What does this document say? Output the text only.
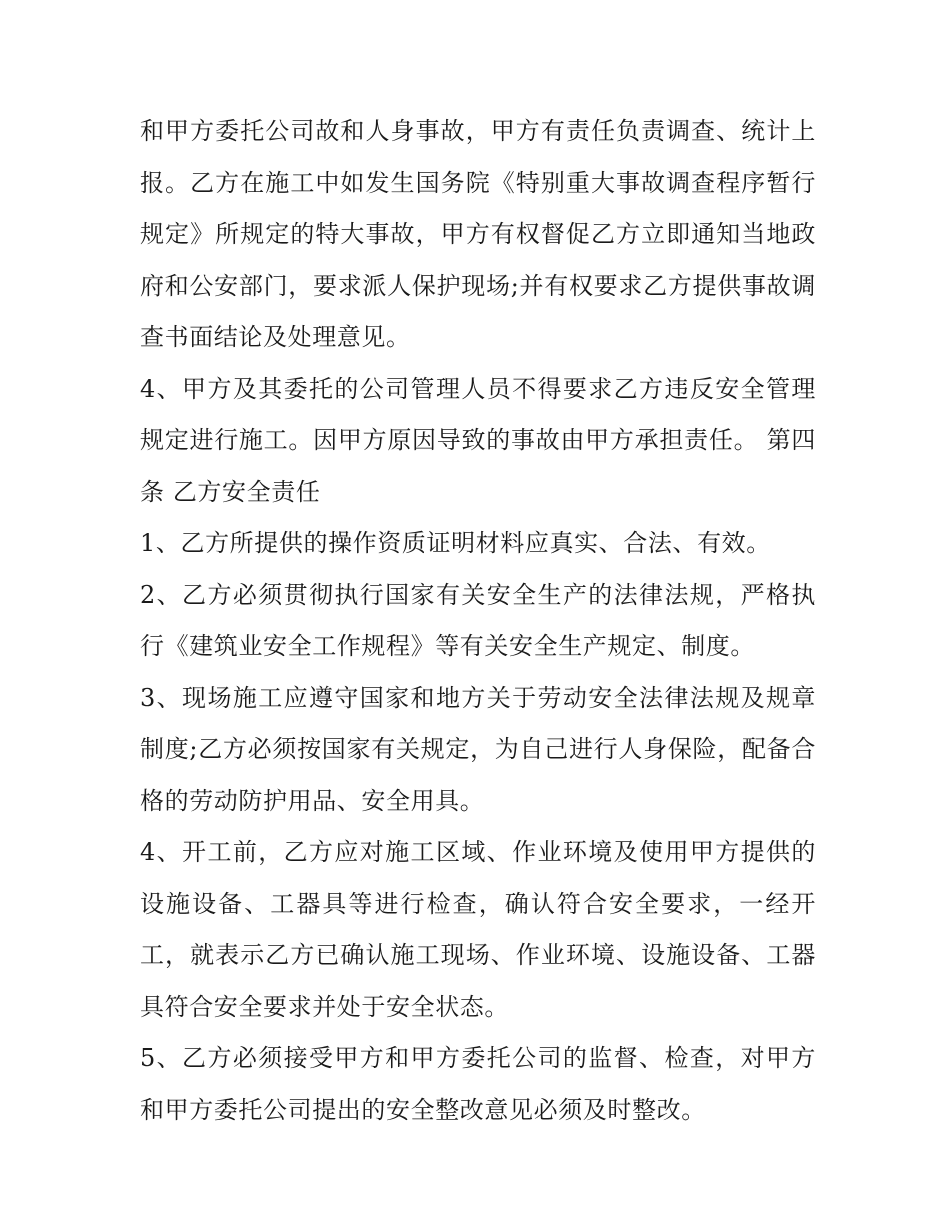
和甲方委托公司故和人身事故，甲方有责任负责调查、统计上报。乙方在施工中如发生国务院《特别重大事故调查程序暂行规定》所规定的特大事故，甲方有权督促乙方立即通知当地政府和公安部门，要求派人保护现场;并有权要求乙方提供事故调查书面结论及处理意见。

4、甲方及其委托的公司管理人员不得要求乙方违反安全管理规定进行施工。因甲方原因导致的事故由甲方承担责任。 第四条 乙方安全责任

1、乙方所提供的操作资质证明材料应真实、合法、有效。

2、乙方必须贯彻执行国家有关安全生产的法律法规，严格执行《建筑业安全工作规程》等有关安全生产规定、制度。

3、现场施工应遵守国家和地方关于劳动安全法律法规及规章制度;乙方必须按国家有关规定，为自己进行人身保险，配备合格的劳动防护用品、安全用具。

4、开工前，乙方应对施工区域、作业环境及使用甲方提供的设施设备、工器具等进行检查，确认符合安全要求，一经开工，就表示乙方已确认施工现场、作业环境、设施设备、工器具符合安全要求并处于安全状态。

5、乙方必须接受甲方和甲方委托公司的监督、检查，对甲方和甲方委托公司提出的安全整改意见必须及时整改。
